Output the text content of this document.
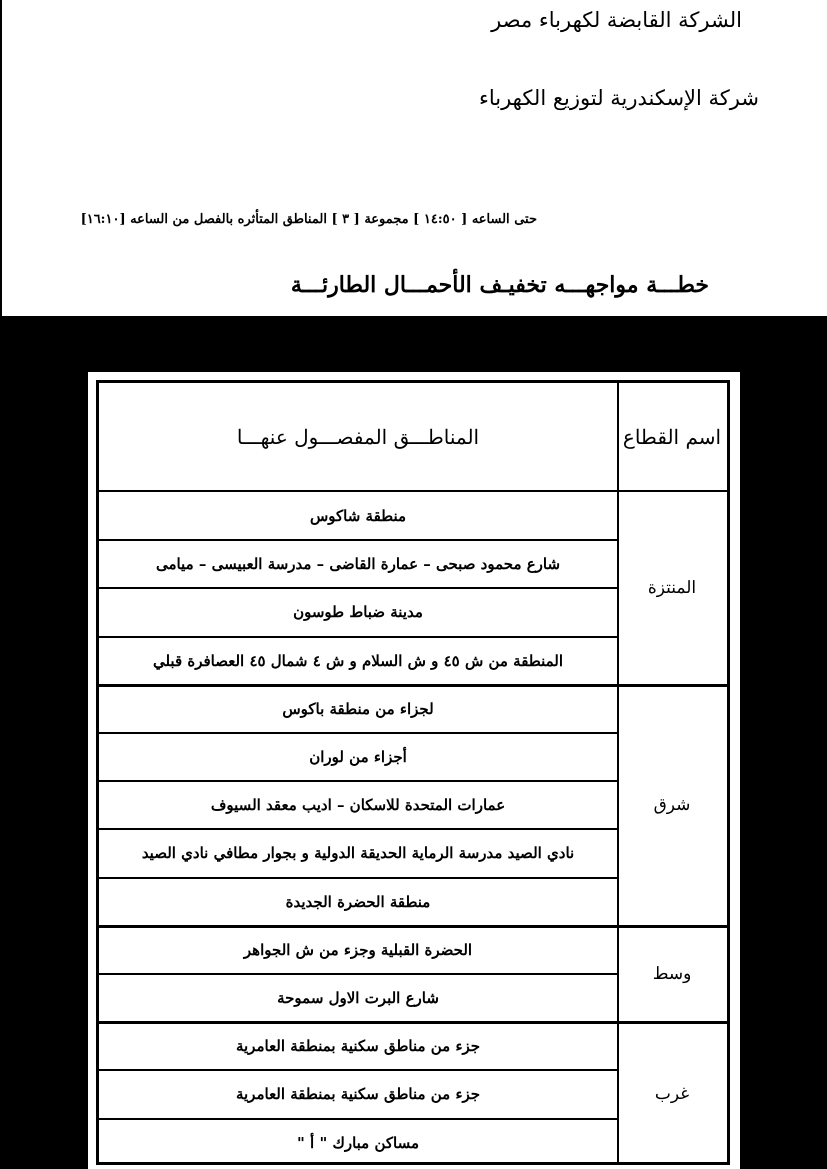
الشركة القابضة لكهرباء مصر
شركة الإسكندرية لتوزيع الكهرباء
[١٦:١٠]	حتى الساعه [ ١٤:٥٠ ] مجموعة [ ٣ ] المناطق المتأثره بالفصل من الساعه
خطـــة مواجهـــه تخفيـف الأحمـــال الطارئـــة
اسم القطاع
المناطـــق المفصـــول عنهـــا
المنتزة
منطقة شاكوس
شارع محمود صبحى – عمارة القاضى – مدرسة العبيسى – ميامى
مدينة ضباط طوسون
المنطقة من ش ٤٥ و ش السلام و ش ٤ شمال ٤٥ العصافرة قبلي
شرق
لجزاء من منطقة باكوس
أجزاء من لوران
عمارات المتحدة للاسكان – اديب معقد السيوف
نادي الصيد مدرسة الرماية الحديقة الدولية و بجوار مطافي نادي الصيد
منطقة الحضرة الجديدة
وسط
الحضرة القبلية وجزء من ش الجواهر
شارع البرت الاول سموحة
غرب
جزء من مناطق سكنية بمنطقة العامرية
جزء من مناطق سكنية بمنطقة العامرية
مساكن مبارك " أ "
